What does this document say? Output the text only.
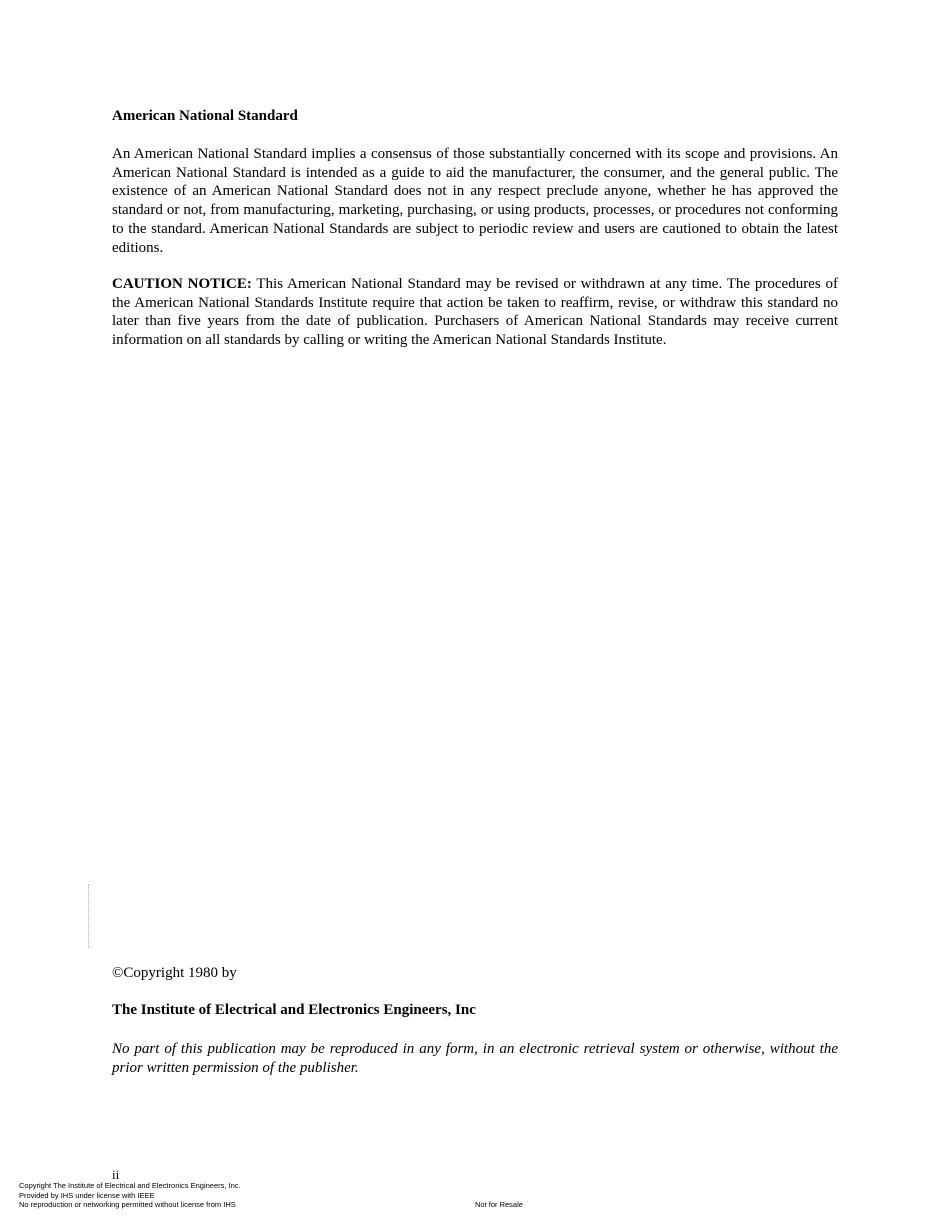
American National Standard

An American National Standard implies a consensus of those substantially concerned with its scope and provisions. An American National Standard is intended as a guide to aid the manufacturer, the consumer, and the general public. The existence of an American National Standard does not in any respect preclude anyone, whether he has approved the standard or not, from manufacturing, marketing, purchasing, or using products, processes, or procedures not conforming to the standard. American National Standards are subject to periodic review and users are cautioned to obtain the latest editions.

CAUTION NOTICE: This American National Standard may be revised or withdrawn at any time. The procedures of the American National Standards Institute require that action be taken to reaffirm, revise, or withdraw this standard no later than five years from the date of publication. Purchasers of American National Standards may receive current information on all standards by calling or writing the American National Standards Institute.

©Copyright 1980 by

The Institute of Electrical and Electronics Engineers, Inc

No part of this publication may be reproduced in any form, in an electronic retrieval system or otherwise, without the prior written permission of the publisher.

ii

Copyright The Institute of Electrical and Electronics Engineers, Inc.
Provided by IHS under license with IEEE
No reproduction or networking permitted without license from IHS	Not for Resale
